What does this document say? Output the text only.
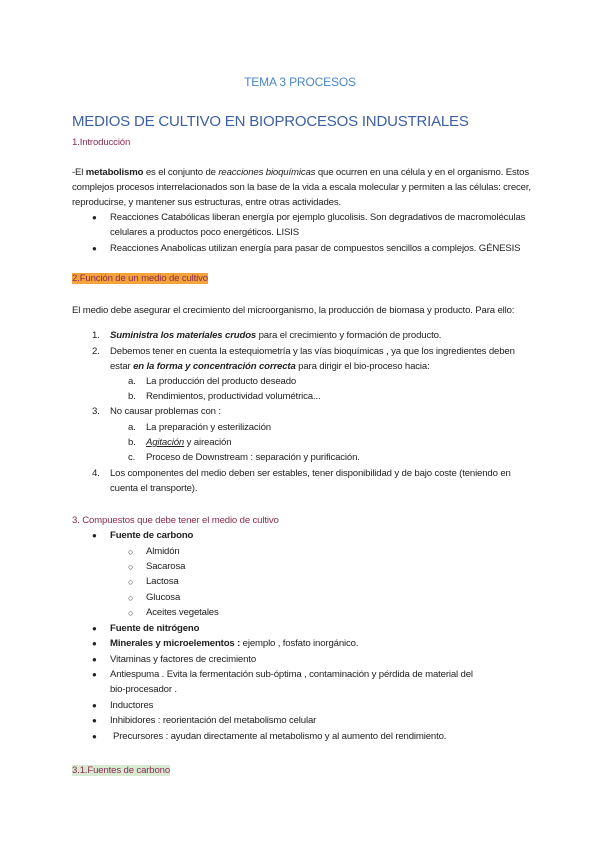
TEMA 3 PROCESOS
MEDIOS DE CULTIVO EN BIOPROCESOS INDUSTRIALES
1.Introducción
-El metabolismo es el conjunto de reacciones bioquímicas que ocurren en una célula y en el organismo. Estos
complejos procesos interrelacionados son la base de la vida a escala molecular y permiten a las células: crecer,
reproducirse, y mantener sus estructuras, entre otras actividades.
● Reacciones Catabólicas liberan energía por ejemplo glucolisis. Son degradativos de macromoléculas
celulares a productos poco energéticos. LISIS
● Reacciones Anabolicas utilizan energía para pasar de compuestos sencillos a complejos. GÉNESIS
2.Función de un medio de cultivo
El medio debe asegurar el crecimiento del microorganismo, la producción de biomasa y producto. Para ello:
1. Suministra los materiales crudos para el crecimiento y formación de producto.
2. Debemos tener en cuenta la estequiometría y las vías bioquímicas , ya que los ingredientes deben
estar en la forma y concentración correcta para dirigir el bio-proceso hacia:
a. La producción del producto deseado
b. Rendimientos, productividad volumétrica...
3. No causar problemas con :
a. La preparación y esterilización
b. Agitación y aireación
c. Proceso de Downstream : separación y purificación.
4. Los componentes del medio deben ser estables, tener disponibilidad y de bajo coste (teniendo en
cuenta el transporte).
3. Compuestos que debe tener el medio de cultivo
● Fuente de carbono
○ Almidón
○ Sacarosa
○ Lactosa
○ Glucosa
○ Aceites vegetales
● Fuente de nitrógeno
● Minerales y microelementos : ejemplo , fosfato inorgánico.
● Vitaminas y factores de crecimiento
● Antiespuma . Evita la fermentación sub-óptima , contaminación y pérdida de material del
bio-procesador .
● Inductores
● Inhibidores : reorientación del metabolismo celular
● Precursores : ayudan directamente al metabolismo y al aumento del rendimiento.
3.1.Fuentes de carbono
